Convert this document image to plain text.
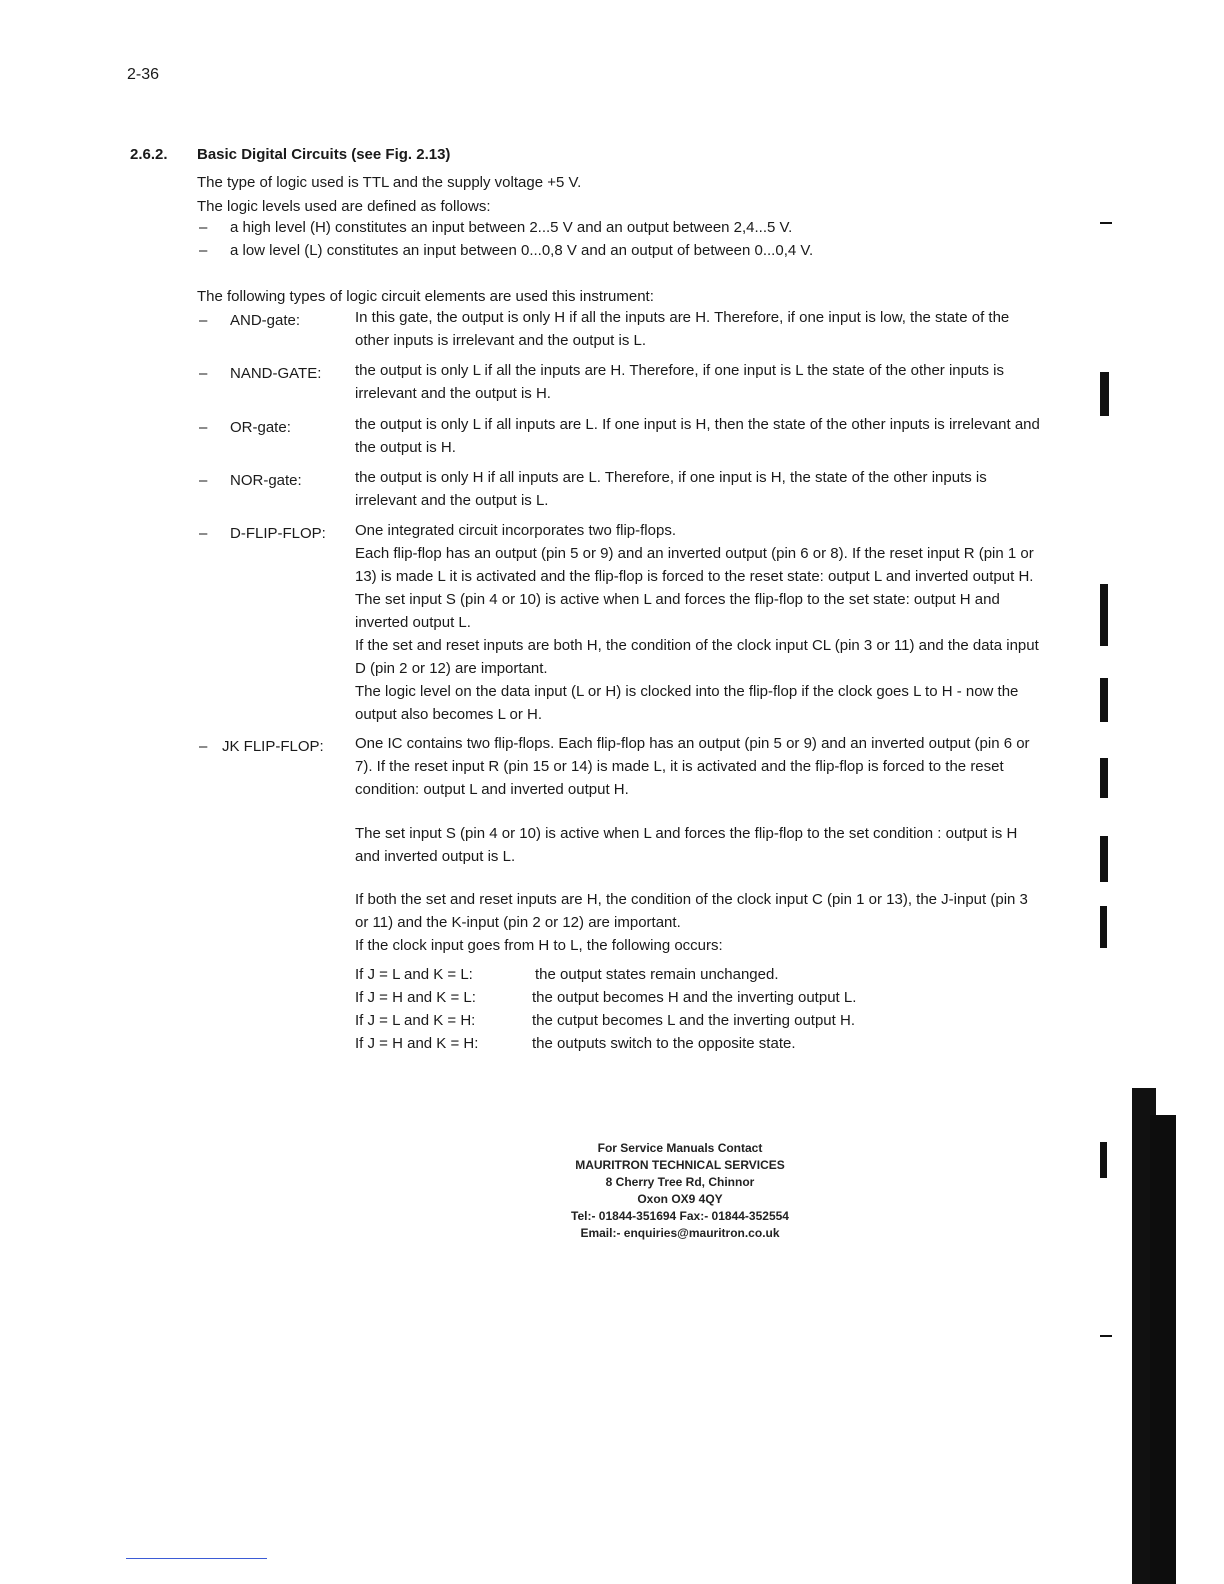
2-36
2.6.2. Basic Digital Circuits (see Fig. 2.13)
The type of logic used is TTL and the supply voltage +5 V.
The logic levels used are defined as follows:
– a high level (H) constitutes an input between 2...5 V and an output between 2,4...5 V.
– a low level (L) constitutes an input between 0...0,8 V and an output of between 0...0,4 V.
The following types of logic circuit elements are used this instrument:
– AND-gate:	In this gate, the output is only H if all the inputs are H. Therefore, if one input is low, the state of the other inputs is irrelevant and the output is L.
– NAND-GATE: the output is only L if all the inputs are H. Therefore, if one input is L the state of the other inputs is irrelevant and the output is H.
– OR-gate:	the output is only L if all inputs are L. If one input is H, then the state of the other inputs is irrelevant and the output is H.
– NOR-gate:	the output is only H if all inputs are L. Therefore, if one input is H, the state of the other inputs is irrelevant and the output is L.
– D-FLIP-FLOP: One integrated circuit incorporates two flip-flops.
Each flip-flop has an output (pin 5 or 9) and an inverted output (pin 6 or 8). If the reset input R (pin 1 or 13) is made L it is activated and the flip-flop is forced to the reset state: output L and inverted output H. The set input S (pin 4 or 10) is active when L and forces the flip-flop to the set state: output H and inverted output L.
If the set and reset inputs are both H, the condition of the clock input CL (pin 3 or 11) and the data input D (pin 2 or 12) are important.
The logic level on the data input (L or H) is clocked into the flip-flop if the clock goes L to H - now the output also becomes L or H.
– JK FLIP-FLOP: One IC contains two flip-flops. Each flip-flop has an output (pin 5 or 9) and an inverted output (pin 6 or 7). If the reset input R (pin 15 or 14) is made L, it is activated and the flip-flop is forced to the reset condition: output L and inverted output H.
The set input S (pin 4 or 10) is active when L and forces the flip-flop to the set condition : output is H and inverted output is L.
If both the set and reset inputs are H, the condition of the clock input C (pin 1 or 13), the J-input (pin 3 or 11) and the K-input (pin 2 or 12) are important.
If the clock input goes from H to L, the following occurs:
If J = L and K = L:	the output states remain unchanged.
If J = H and K = L:	the output becomes H and the inverting output L.
If J = L and K = H:	the cutput becomes L and the inverting output H.
If J = H and K = H:	the outputs switch to the opposite state.
For Service Manuals Contact
MAURITRON TECHNICAL SERVICES
8 Cherry Tree Rd, Chinnor
Oxon OX9 4QY
Tel:- 01844-351694 Fax:- 01844-352554
Email:- enquiries@mauritron.co.uk
